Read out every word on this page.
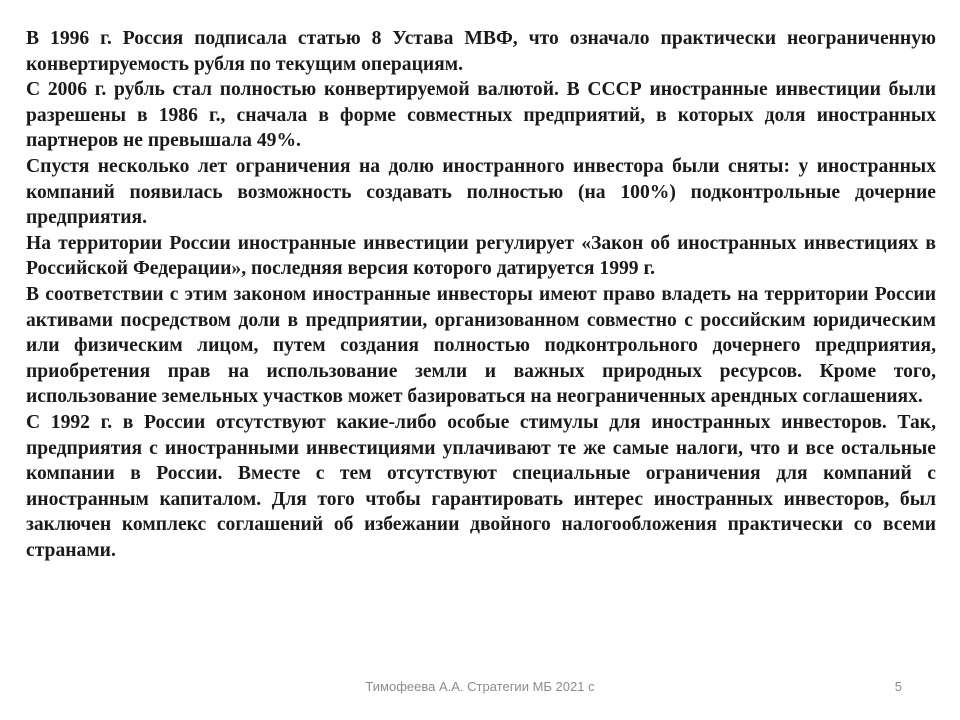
В 1996 г. Россия подписала статью 8 Устава МВФ, что означало практически неограниченную конвертируемость рубля по текущим операциям.

С 2006 г. рубль стал полностью конвертируемой валютой. В СССР иностранные инвестиции были разрешены в 1986 г., сначала в форме совместных предприятий, в которых доля иностранных партнеров не превышала 49%.

Спустя несколько лет ограничения на долю иностранного инвестора были сняты: у иностранных компаний появилась возможность создавать полностью (на 100%) подконтрольные дочерние предприятия.

На территории России иностранные инвестиции регулирует «Закон об иностранных инвестициях в Российской Федерации», последняя версия которого датируется 1999 г.

В соответствии с этим законом иностранные инвесторы имеют право владеть на территории России активами посредством доли в предприятии, организованном совместно с российским юридическим или физическим лицом, путем создания полностью подконтрольного дочернего предприятия, приобретения прав на использование земли и важных природных ресурсов. Кроме того, использование земельных участков может базироваться на неограниченных арендных соглашениях.

С 1992 г. в России отсутствуют какие-либо особые стимулы для иностранных инвесторов. Так, предприятия с иностранными инвестициями уплачивают те же самые налоги, что и все остальные компании в России. Вместе с тем отсутствуют специальные ограничения для компаний с иностранным капиталом. Для того чтобы гарантировать интерес иностранных инвесторов, был заключен комплекс соглашений об избежании двойного налогообложения практически со всеми странами.

Тимофеева А.А. Стратегии МБ 2021 с	5
